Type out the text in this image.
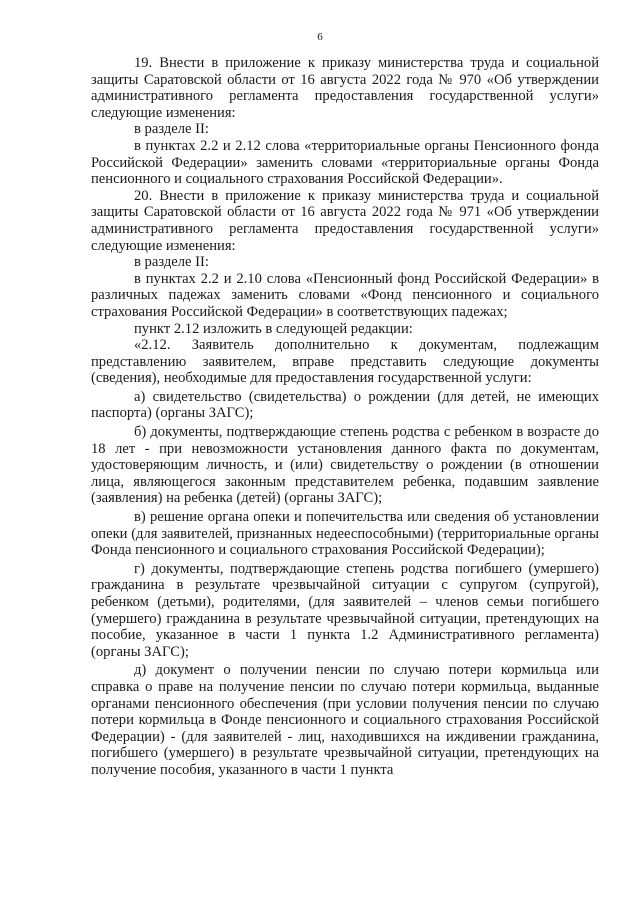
6

19. Внести в приложение к приказу министерства труда и социальной защиты Саратовской области от 16 августа 2022 года № 970 «Об утверждении административного регламента предоставления государственной услуги» следующие изменения:

в разделе II:

в пунктах 2.2 и 2.12 слова «территориальные органы Пенсионного фонда Российской Федерации» заменить словами «территориальные органы Фонда пенсионного и социального страхования Российской Федерации».

20. Внести в приложение к приказу министерства труда и социальной защиты Саратовской области от 16 августа 2022 года № 971 «Об утверждении административного регламента предоставления государственной услуги» следующие изменения:

в разделе II:

в пунктах 2.2 и 2.10 слова «Пенсионный фонд Российской Федерации» в различных падежах заменить словами «Фонд пенсионного и социального страхования Российской Федерации» в соответствующих падежах;

пункт 2.12 изложить в следующей редакции:

«2.12. Заявитель дополнительно к документам, подлежащим представлению заявителем, вправе представить следующие документы (сведения), необходимые для предоставления государственной услуги:

а) свидетельство (свидетельства) о рождении (для детей, не имеющих паспорта) (органы ЗАГС);

б) документы, подтверждающие степень родства с ребенком в возрасте до 18 лет - при невозможности установления данного факта по документам, удостоверяющим личность, и (или) свидетельству о рождении (в отношении лица, являющегося законным представителем ребенка, подавшим заявление (заявления) на ребенка (детей) (органы ЗАГС);

в) решение органа опеки и попечительства или сведения об установлении опеки (для заявителей, признанных недееспособными) (территориальные органы Фонда пенсионного и социального страхования Российской Федерации);

г) документы, подтверждающие степень родства погибшего (умершего) гражданина в результате чрезвычайной ситуации с супругом (супругой), ребенком (детьми), родителями, (для заявителей – членов семьи погибшего (умершего) гражданина в результате чрезвычайной ситуации, претендующих на пособие, указанное в части 1 пункта 1.2 Административного регламента) (органы ЗАГС);

д) документ о получении пенсии по случаю потери кормильца или справка о праве на получение пенсии по случаю потери кормильца, выданные органами пенсионного обеспечения (при условии получения пенсии по случаю потери кормильца в Фонде пенсионного и социального страхования Российской Федерации) - (для заявителей - лиц, находившихся на иждивении гражданина, погибшего (умершего) в результате чрезвычайной ситуации, претендующих на получение пособия, указанного в части 1 пункта
